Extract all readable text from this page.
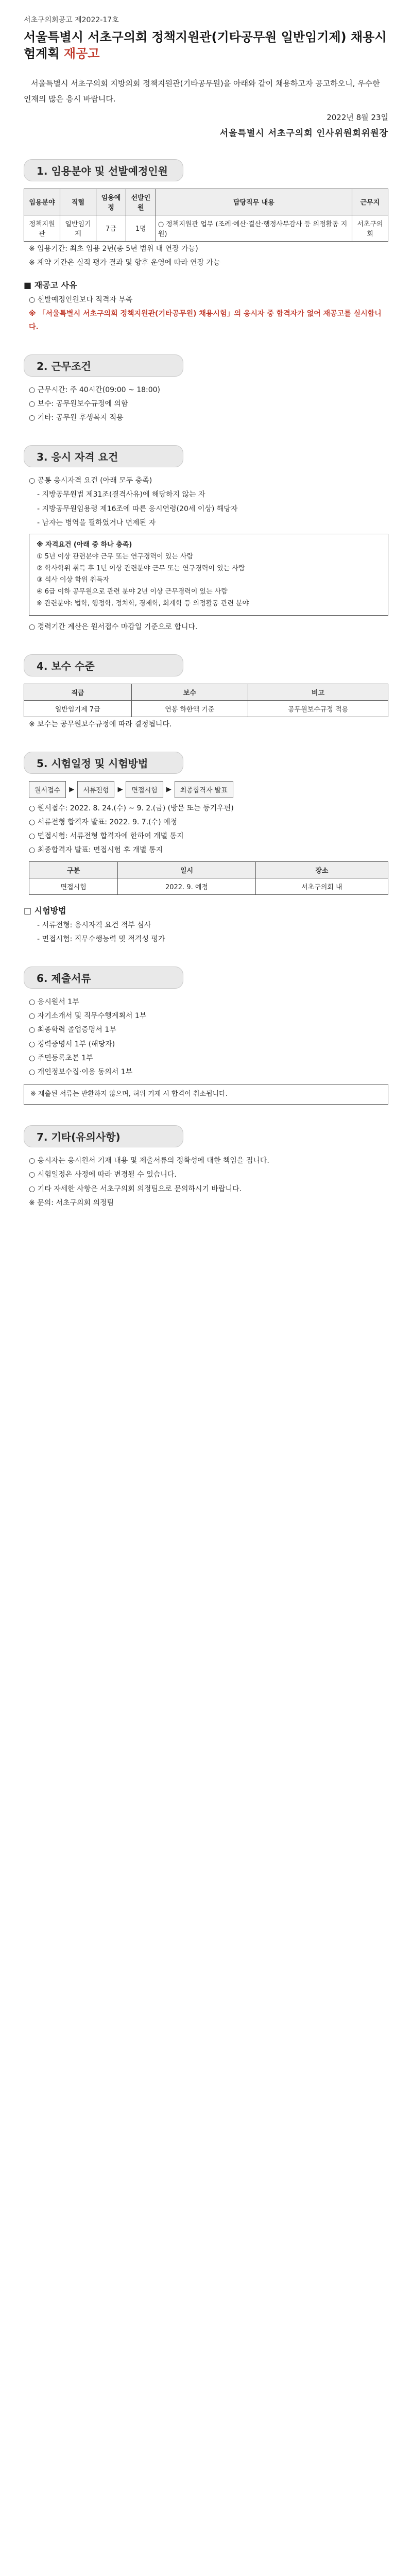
서초구의회공고 제2022-17호

서울특별시 서초구의회 정책지원관(기타공무원 일반임기제) 채용시험계획 재공고

서울특별시 서초구의회 지방의회 정책지원관(기타공무원)을 아래와 같이 채용하고자 공고하오니, 우수한 인재의 많은 응시 바랍니다.

2022년 8월 23일

서울특별시 서초구의회 인사위원회위원장

1. 임용분야 및 선발예정인원
임용분야	직렬	임용예정	선발인원	담당직무 내용	근무지
정책지원관	일반임기제	7급	1명	○ 정책지원관 업무 (조례·예산·결산·행정사무감사 등 의정활동 지원)	서초구의회

※ 임용기간: 최초 임용 2년(총 5년 범위 내 연장 가능)

※ 계약 기간은 실적 평가 결과 및 향후 운영에 따라 연장 가능

■ 재공고 사유

○ 선발예정인원보다 적격자 부족

※ 「서울특별시 서초구의회 정책지원관(기타공무원) 채용시험」의 응시자 중 합격자가 없어 재공고를 실시합니다.

2. 근무조건

○ 근무시간: 주 40시간(09:00 ~ 18:00)

○ 보수: 공무원보수규정에 의함

○ 기타: 공무원 후생복지 적용

3. 응시 자격 요건

○ 공통 응시자격 요건 (아래 모두 충족)

- 지방공무원법 제31조(결격사유)에 해당하지 않는 자

- 지방공무원임용령 제16조에 따른 응시연령(20세 이상) 해당자

- 남자는 병역을 필하였거나 면제된 자

※ 자격요건 (아래 중 하나 충족)
① 5년 이상 관련분야 근무 또는 연구경력이 있는 사람
② 학사학위 취득 후 1년 이상 관련분야 근무 또는 연구경력이 있는 사람
③ 석사 이상 학위 취득자
④ 6급 이하 공무원으로 관련 분야 2년 이상 근무경력이 있는 사람
※ 관련분야: 법학, 행정학, 정치학, 경제학, 회계학 등 의정활동 관련 분야

○ 경력기간 계산은 원서접수 마감일 기준으로 합니다.

4. 보수 수준
직급	보수	비고
일반임기제 7급	연봉 하한액 기준	공무원보수규정 적용

※ 보수는 공무원보수규정에 따라 결정됩니다.

5. 시험일정 및 시험방법
원서접수	▶	서류전형	▶	면접시험	▶	최종합격자 발표

○ 원서접수: 2022. 8. 24.(수) ~ 9. 2.(금) (방문 또는 등기우편)

○ 서류전형 합격자 발표: 2022. 9. 7.(수) 예정

○ 면접시험: 서류전형 합격자에 한하여 개별 통지

○ 최종합격자 발표: 면접시험 후 개별 통지

구분	일시	장소
면접시험	2022. 9. 예정	서초구의회 내
□ 시험방법

- 서류전형: 응시자격 요건 적부 심사

- 면접시험: 직무수행능력 및 적격성 평가

6. 제출서류

○ 응시원서 1부

○ 자기소개서 및 직무수행계획서 1부

○ 최종학력 졸업증명서 1부

○ 경력증명서 1부 (해당자)

○ 주민등록초본 1부

○ 개인정보수집·이용 동의서 1부

※ 제출된 서류는 반환하지 않으며, 허위 기재 시 합격이 취소됩니다.
7. 기타(유의사항)

○ 응시자는 응시원서 기재 내용 및 제출서류의 정확성에 대한 책임을 집니다.

○ 시험일정은 사정에 따라 변경될 수 있습니다.

○ 기타 자세한 사항은 서초구의회 의정팀으로 문의하시기 바랍니다.

※ 문의: 서초구의회 의정팀
